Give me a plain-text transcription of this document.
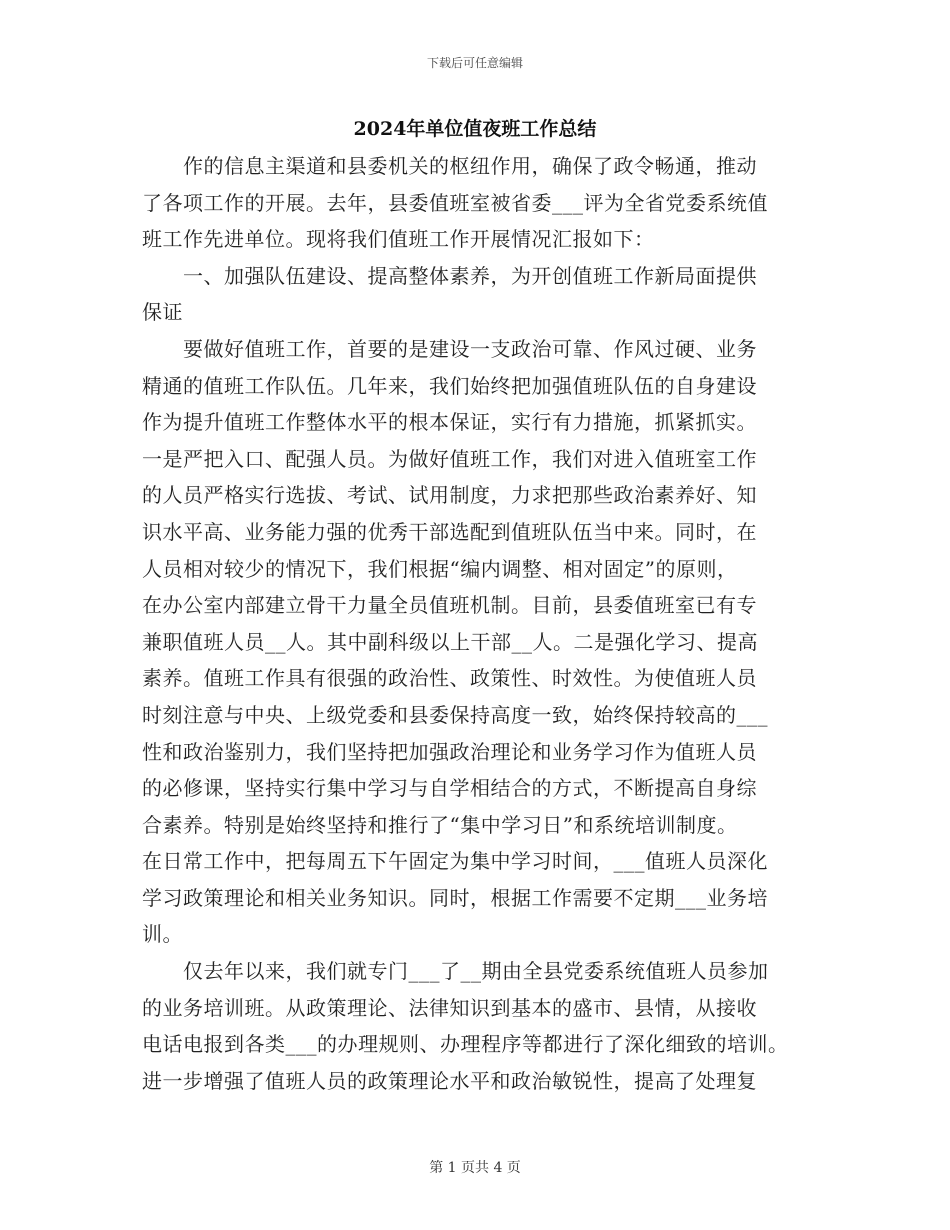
下载后可任意编辑
2024年单位值夜班工作总结
　　作的信息主渠道和县委机关的枢纽作用，确保了政令畅通，推动
了各项工作的开展。去年，县委值班室被省委___评为全省党委系统值
班工作先进单位。现将我们值班工作开展情况汇报如下：
　　一、加强队伍建设、提高整体素养，为开创值班工作新局面提供
保证
　　要做好值班工作，首要的是建设一支政治可靠、作风过硬、业务
精通的值班工作队伍。几年来，我们始终把加强值班队伍的自身建设
作为提升值班工作整体水平的根本保证，实行有力措施，抓紧抓实。
一是严把入口、配强人员。为做好值班工作，我们对进入值班室工作
的人员严格实行选拔、考试、试用制度，力求把那些政治素养好、知
识水平高、业务能力强的优秀干部选配到值班队伍当中来。同时，在
人员相对较少的情况下，我们根据“编内调整、相对固定”的原则，
在办公室内部建立骨干力量全员值班机制。目前，县委值班室已有专
兼职值班人员__人。其中副科级以上干部__人。二是强化学习、提高
素养。值班工作具有很强的政治性、政策性、时效性。为使值班人员
时刻注意与中央、上级党委和县委保持高度一致，始终保持较高的___
性和政治鉴别力，我们坚持把加强政治理论和业务学习作为值班人员
的必修课，坚持实行集中学习与自学相结合的方式，不断提高自身综
合素养。特别是始终坚持和推行了“集中学习日”和系统培训制度。
在日常工作中，把每周五下午固定为集中学习时间，___值班人员深化
学习政策理论和相关业务知识。同时，根据工作需要不定期___业务培
训。
　　仅去年以来，我们就专门___了__期由全县党委系统值班人员参加
的业务培训班。从政策理论、法律知识到基本的盛市、县情，从接收
电话电报到各类___的办理规则、办理程序等都进行了深化细致的培训。
进一步增强了值班人员的政策理论水平和政治敏锐性，提高了处理复
第 1 页共 4 页
